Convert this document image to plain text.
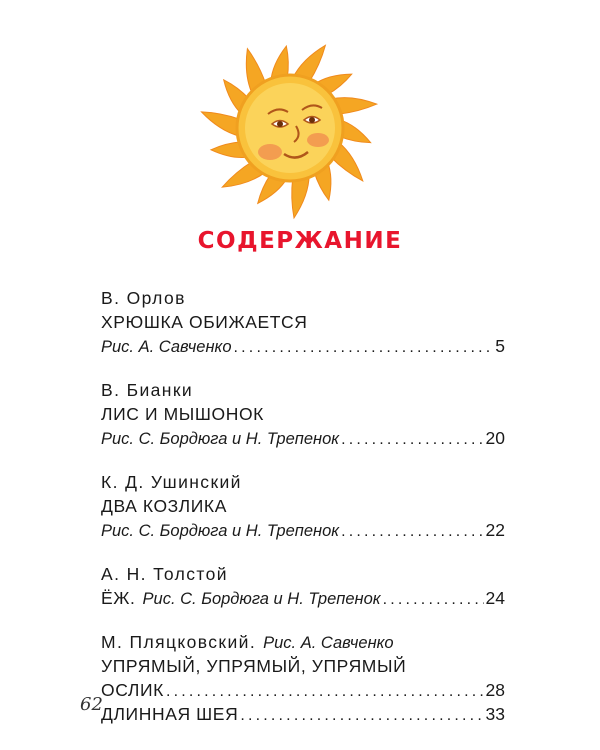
СОДЕРЖАНИЕ
В. Орлов
ХРЮШКА ОБИЖАЕТСЯ
Рис. А. Савченко .....	5
В. Бианки
ЛИС И МЫШОНОК
Рис. С. Бордюга и Н. Трепенок .....	20
К. Д. Ушинский
ДВА КОЗЛИКА
Рис. С. Бордюга и Н. Трепенок .....	22
А. Н. Толстой
ЁЖ. Рис. С. Бордюга и Н. Трепенок .....	24
М. Пляцковский. Рис. А. Савченко
УПРЯМЫЙ, УПРЯМЫЙ, УПРЯМЫЙ
ОСЛИК .....	28
ДЛИННАЯ ШЕЯ .....	33
62
